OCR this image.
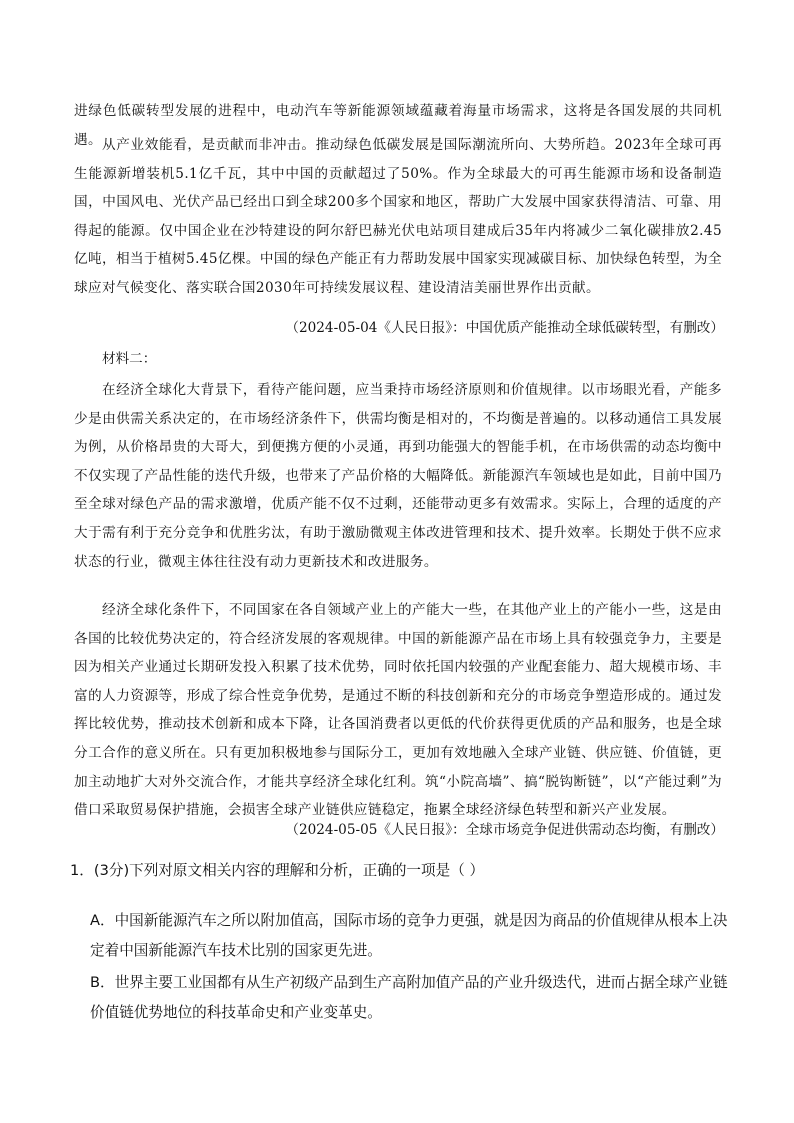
进绿色低碳转型发展的进程中，电动汽车等新能源领域蕴藏着海量市场需求，这将是各国发展的共同机遇。 从产业效能看，是贡献而非冲击。推动绿色低碳发展是国际潮流所向、大势所趋。2023年全球可再生能源新增装机5.1亿千瓦，其中中国的贡献超过了50%。作为全球最大的可再生能源市场和设备制造国，中国风电、光伏产品已经出口到全球200多个国家和地区，帮助广大发展中国家获得清洁、可靠、用得起的能源。仅中国企业在沙特建设的阿尔舒巴赫光伏电站项目建成后35年内将减少二氧化碳排放2.45亿吨，相当于植树5.45亿棵。中国的绿色产能正有力帮助发展中国家实现减碳目标、加快绿色转型，为全球应对气候变化、落实联合国2030年可持续发展议程、建设清洁美丽世界作出贡献。

（2024-05-04《人民日报》：中国优质产能推动全球低碳转型，有删改）

材料二：

在经济全球化大背景下，看待产能问题，应当秉持市场经济原则和价值规律。以市场眼光看，产能多少是由供需关系决定的，在市场经济条件下，供需均衡是相对的，不均衡是普遍的。以移动通信工具发展为例，从价格昂贵的大哥大，到便携方便的小灵通，再到功能强大的智能手机，在市场供需的动态均衡中不仅实现了产品性能的迭代升级，也带来了产品价格的大幅降低。新能源汽车领域也是如此，目前中国乃至全球对绿色产品的需求激增，优质产能不仅不过剩，还能带动更多有效需求。实际上，合理的适度的产大于需有利于充分竞争和优胜劣汰，有助于激励微观主体改进管理和技术、提升效率。长期处于供不应求状态的行业，微观主体往往没有动力更新技术和改进服务。

经济全球化条件下，不同国家在各自领域产业上的产能大一些，在其他产业上的产能小一些，这是由各国的比较优势决定的，符合经济发展的客观规律。中国的新能源产品在市场上具有较强竞争力，主要是因为相关产业通过长期研发投入积累了技术优势，同时依托国内较强的产业配套能力、超大规模市场、丰富的人力资源等，形成了综合性竞争优势，是通过不断的科技创新和充分的市场竞争塑造形成的。通过发挥比较优势，推动技术创新和成本下降，让各国消费者以更低的代价获得更优质的产品和服务，也是全球分工合作的意义所在。只有更加积极地参与国际分工，更加有效地融入全球产业链、供应链、价值链，更加主动地扩大对外交流合作，才能共享经济全球化红利。筑“小院高墙”、搞“脱钩断链”，以“产能过剩”为借口采取贸易保护措施，会损害全球产业链供应链稳定，拖累全球经济绿色转型和新兴产业发展。

（2024-05-05《人民日报》：全球市场竞争促进供需动态均衡，有删改）

1．(3分)下列对原文相关内容的理解和分析，正确的一项是（ ）

A．中国新能源汽车之所以附加值高，国际市场的竞争力更强，就是因为商品的价值规律从根本上决定着中国新能源汽车技术比别的国家更先进。

B．世界主要工业国都有从生产初级产品到生产高附加值产品的产业升级迭代，进而占据全球产业链价值链优势地位的科技革命史和产业变革史。
